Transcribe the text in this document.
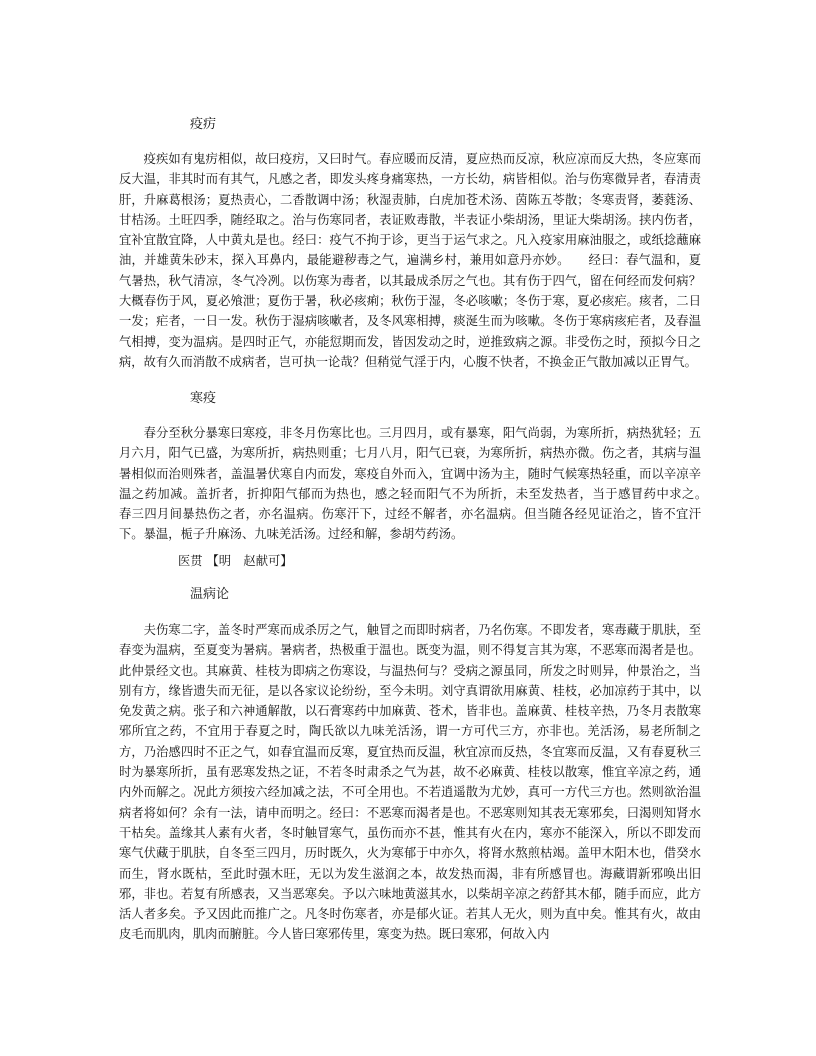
疫疠

疫疾如有鬼疠相似，故曰疫疠，又曰时气。春应暖而反清，夏应热而反凉，秋应凉而反大热，冬应寒而反大温，非其时而有其气，凡感之者，即发头疼身痛寒热，一方长幼，病皆相似。治与伤寒微异者，春清责肝，升麻葛根汤；夏热责心，二香散调中汤；秋湿责肺，白虎加苍术汤、茵陈五苓散；冬寒责肾，萎蕤汤、甘桔汤。土旺四季，随经取之。治与伤寒同者，表证败毒散，半表证小柴胡汤，里证大柴胡汤。挟内伤者，宜补宜散宜降，人中黄丸是也。经曰：疫气不拘于诊，更当于运气求之。凡入疫家用麻油服之，或纸捻蘸麻油，并雄黄朱砂末，探入耳鼻内，最能避秽毒之气，遍满乡村，兼用如意丹亦妙。　　经曰：春气温和，夏气暑热，秋气清凉，冬气冷冽。以伤寒为毒者，以其最成杀厉之气也。其有伤于四气，留在何经而发何病？大概春伤于风，夏必飧泄；夏伤于暑，秋必痎痢；秋伤于湿，冬必咳嗽；冬伤于寒，夏必痎疟。痎者，二日一发；疟者，一日一发。秋伤于湿病咳嗽者，及冬风寒相搏，痰涎生而为咳嗽。冬伤于寒病痎疟者，及春温气相搏，变为温病。是四时正气，亦能愆期而发，皆因发动之时，逆推致病之源。非受伤之时，预拟今日之病，故有久而消散不成病者，岂可执一论哉？但稍觉气淫于内，心腹不快者，不换金正气散加减以正胃气。

寒疫

春分至秋分暴寒曰寒疫，非冬月伤寒比也。三月四月，或有暴寒，阳气尚弱，为寒所折，病热犹轻；五月六月，阳气已盛，为寒所折，病热则重；七月八月，阳气已衰，为寒所折，病热亦微。伤之者，其病与温暑相似而治则殊者，盖温暑伏寒自内而发，寒疫自外而入，宜调中汤为主，随时气候寒热轻重，而以辛凉辛温之药加减。盖折者，折抑阳气郁而为热也，感之轻而阳气不为所折，未至发热者，当于感冒药中求之。　　春三四月间暴热伤之者，亦名温病。伤寒汗下，过经不解者，亦名温病。但当随各经见证治之，皆不宜汗下。暴温，栀子升麻汤、九味羌活汤。过经和解，参胡芍药汤。

医贯 【明　赵献可】
温病论

夫伤寒二字，盖冬时严寒而成杀厉之气，触冒之而即时病者，乃名伤寒。不即发者，寒毒藏于肌肤，至春变为温病，至夏变为暑病。暑病者，热极重于温也。既变为温，则不得复言其为寒，不恶寒而渴者是也。此仲景经文也。其麻黄、桂枝为即病之伤寒设，与温热何与？受病之源虽同，所发之时则异，仲景治之，当别有方，缘皆遗失而无征，是以各家议论纷纷，至今未明。刘守真谓欲用麻黄、桂枝，必加凉药于其中，以免发黄之病。张子和六神通解散，以石膏寒药中加麻黄、苍术，皆非也。盖麻黄、桂枝辛热，乃冬月表散寒邪所宜之药，不宜用于春夏之时，陶氏欲以九味羌活汤，谓一方可代三方，亦非也。羌活汤，易老所制之方，乃治感四时不正之气，如春宜温而反寒，夏宜热而反温，秋宜凉而反热，冬宜寒而反温，又有春夏秋三时为暴寒所折，虽有恶寒发热之证，不若冬时肃杀之气为甚，故不必麻黄、桂枝以散寒，惟宜辛凉之药，通内外而解之。况此方须按六经加减之法，不可全用也。不若逍遥散为尤妙，真可一方代三方也。然则欲治温病者将如何？余有一法，请申而明之。经曰：不恶寒而渴者是也。不恶寒则知其表无寒邪矣，曰渴则知肾水干枯矣。盖缘其人素有火者，冬时触冒寒气，虽伤而亦不甚，惟其有火在内，寒亦不能深入，所以不即发而寒气伏藏于肌肤，自冬至三四月，历时既久，火为寒郁于中亦久，将肾水熬煎枯竭。盖甲木阳木也，借癸水而生，肾水既枯，至此时强木旺，无以为发生滋润之本，故发热而渴，非有所感冒也。海藏谓新邪唤出旧邪，非也。若复有所感表，又当恶寒矣。予以六味地黄滋其水，以柴胡辛凉之药舒其木郁，随手而应，此方活人者多矣。予又因此而推广之。凡冬时伤寒者，亦是郁火证。若其人无火，则为直中矣。惟其有火，故由皮毛而肌肉，肌肉而腑脏。今人皆曰寒邪传里，寒变为热。既曰寒邪，何故入内
